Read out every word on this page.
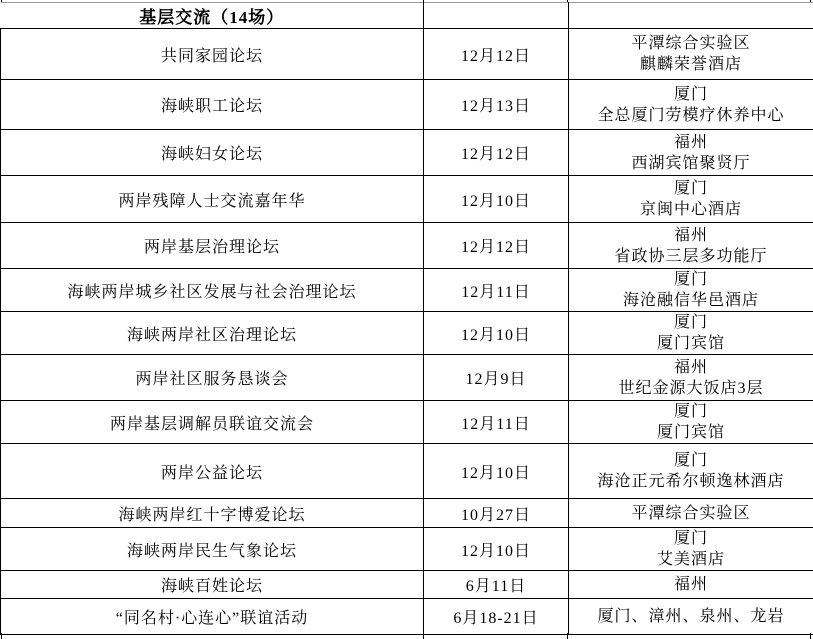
基层交流（14场）		
共同家园论坛	12月12日	平潭综合实验区
麒麟荣誉酒店

海峡职工论坛	12月13日	厦门
全总厦门劳模疗休养中心

海峡妇女论坛	12月12日	福州
西湖宾馆聚贤厅

两岸残障人士交流嘉年华	12月10日	厦门
京闽中心酒店

两岸基层治理论坛	12月12日	福州
省政协三层多功能厅

海峡两岸城乡社区发展与社会治理论坛	12月11日	厦门
海沧融信华邑酒店

海峡两岸社区治理论坛	12月10日	厦门
厦门宾馆

两岸社区服务恳谈会	12月9日	福州
世纪金源大饭店3层

两岸基层调解员联谊交流会	12月11日	厦门
厦门宾馆

两岸公益论坛	12月10日	厦门
海沧正元希尔顿逸林酒店

海峡两岸红十字博爱论坛	10月27日	平潭综合实验区

海峡两岸民生气象论坛	12月10日	厦门
艾美酒店

海峡百姓论坛	6月11日	福州

“同名村·心连心”联谊活动	6月18-21日	厦门、漳州、泉州、龙岩
